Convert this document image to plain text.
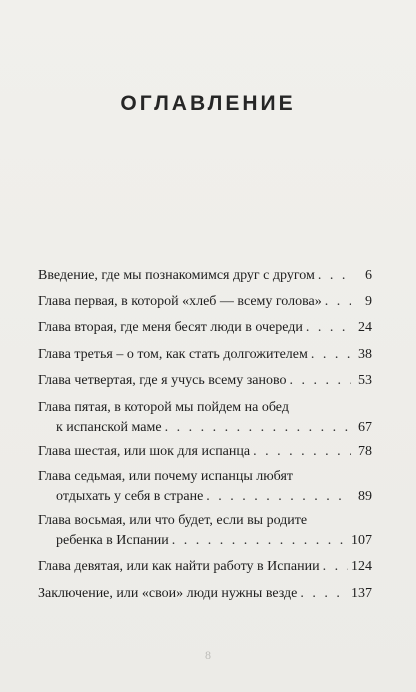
ОГЛАВЛЕНИЕ
Введение, где мы познакомимся друг с другом . . .	6
Глава первая, в которой «хлеб — всему голова» . . .	9
Глава вторая, где меня бесят люди в очереди . . .	24
Глава третья – о том, как стать долгожителем . . .	38
Глава четвертая, где я учусь всему заново . . .	53
Глава пятая, в которой мы пойдем на обед
к испанской маме . . .	67
Глава шестая, или шок для испанца . . .	78
Глава седьмая, или почему испанцы любят
отдыхать у себя в стране . . .	89
Глава восьмая, или что будет, если вы родите
ребенка в Испании . . .	107
Глава девятая, или как найти работу в Испании . . . 124
Заключение, или «свои» люди нужны везде . . .	137
8
